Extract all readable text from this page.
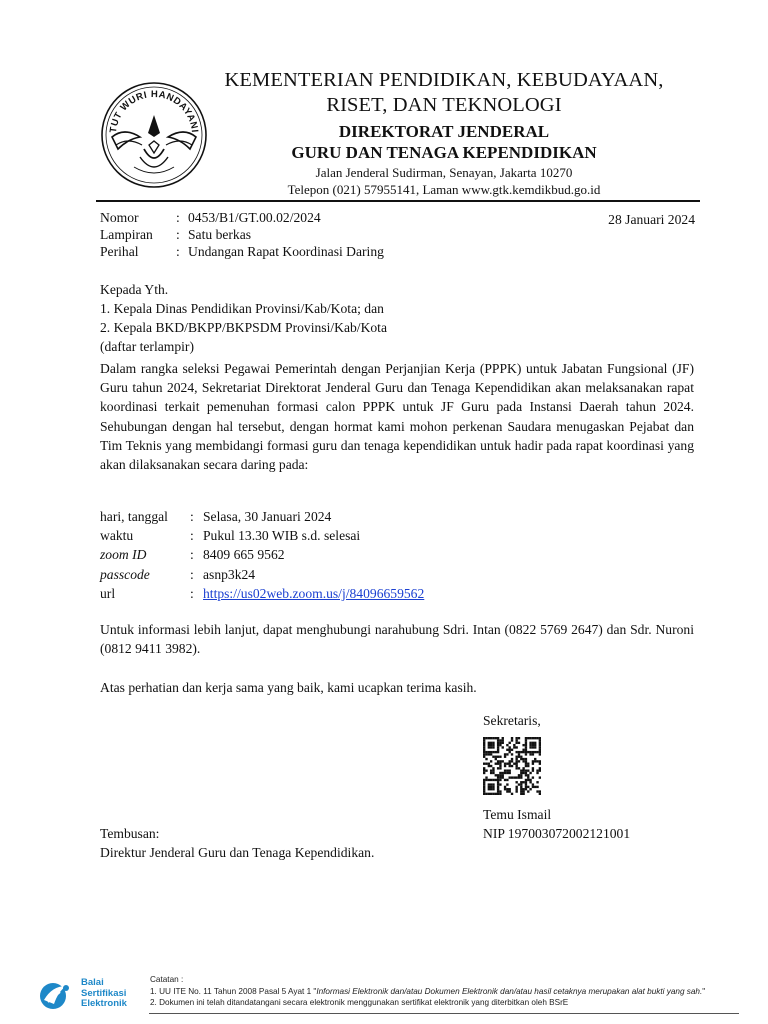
TUT WURI HANDAYANI
KEMENTERIAN PENDIDIKAN, KEBUDAYAAN,
RISET, DAN TEKNOLOGI
DIREKTORAT JENDERAL
GURU DAN TENAGA KEPENDIDIKAN
Jalan Jenderal Sudirman, Senayan, Jakarta 10270
Telepon (021) 57955141, Laman www.gtk.kemdikbud.go.id
Nomor	: 0453/B1/GT.00.02/2024
Lampiran	: Satu berkas
Perihal	: Undangan Rapat Koordinasi Daring
28 Januari 2024
Kepada Yth.
1. Kepala Dinas Pendidikan Provinsi/Kab/Kota; dan
2. Kepala BKD/BKPP/BKPSDM Provinsi/Kab/Kota
(daftar terlampir)
Dalam rangka seleksi Pegawai Pemerintah dengan Perjanjian Kerja (PPPK) untuk Jabatan Fungsional (JF) Guru tahun 2024, Sekretariat Direktorat Jenderal Guru dan Tenaga Kependidikan akan melaksanakan rapat koordinasi terkait pemenuhan formasi calon PPPK untuk JF Guru pada Instansi Daerah tahun 2024. Sehubungan dengan hal tersebut, dengan hormat kami mohon perkenan Saudara menugaskan Pejabat dan Tim Teknis yang membidangi formasi guru dan tenaga kependidikan untuk hadir pada rapat koordinasi yang akan dilaksanakan secara daring pada:
hari, tanggal	: Selasa, 30 Januari 2024
waktu	: Pukul 13.30 WIB s.d. selesai
zoom ID	: 8409 665 9562
passcode	: asnp3k24
url	: https://us02web.zoom.us/j/84096659562
Untuk informasi lebih lanjut, dapat menghubungi narahubung Sdri. Intan (0822 5769 2647) dan Sdr. Nuroni (0812 9411 3982).
Atas perhatian dan kerja sama yang baik, kami ucapkan terima kasih.
Sekretaris,
Temu Ismail
NIP 197003072002121001
Tembusan:
Direktur Jenderal Guru dan Tenaga Kependidikan.
Balai
Sertifikasi
Elektronik
Catatan :
1. UU ITE No. 11 Tahun 2008 Pasal 5 Ayat 1 "Informasi Elektronik dan/atau Dokumen Elektronik dan/atau hasil cetaknya merupakan alat bukti yang sah."
2. Dokumen ini telah ditandatangani secara elektronik menggunakan sertifikat elektronik yang diterbitkan oleh BSrE
